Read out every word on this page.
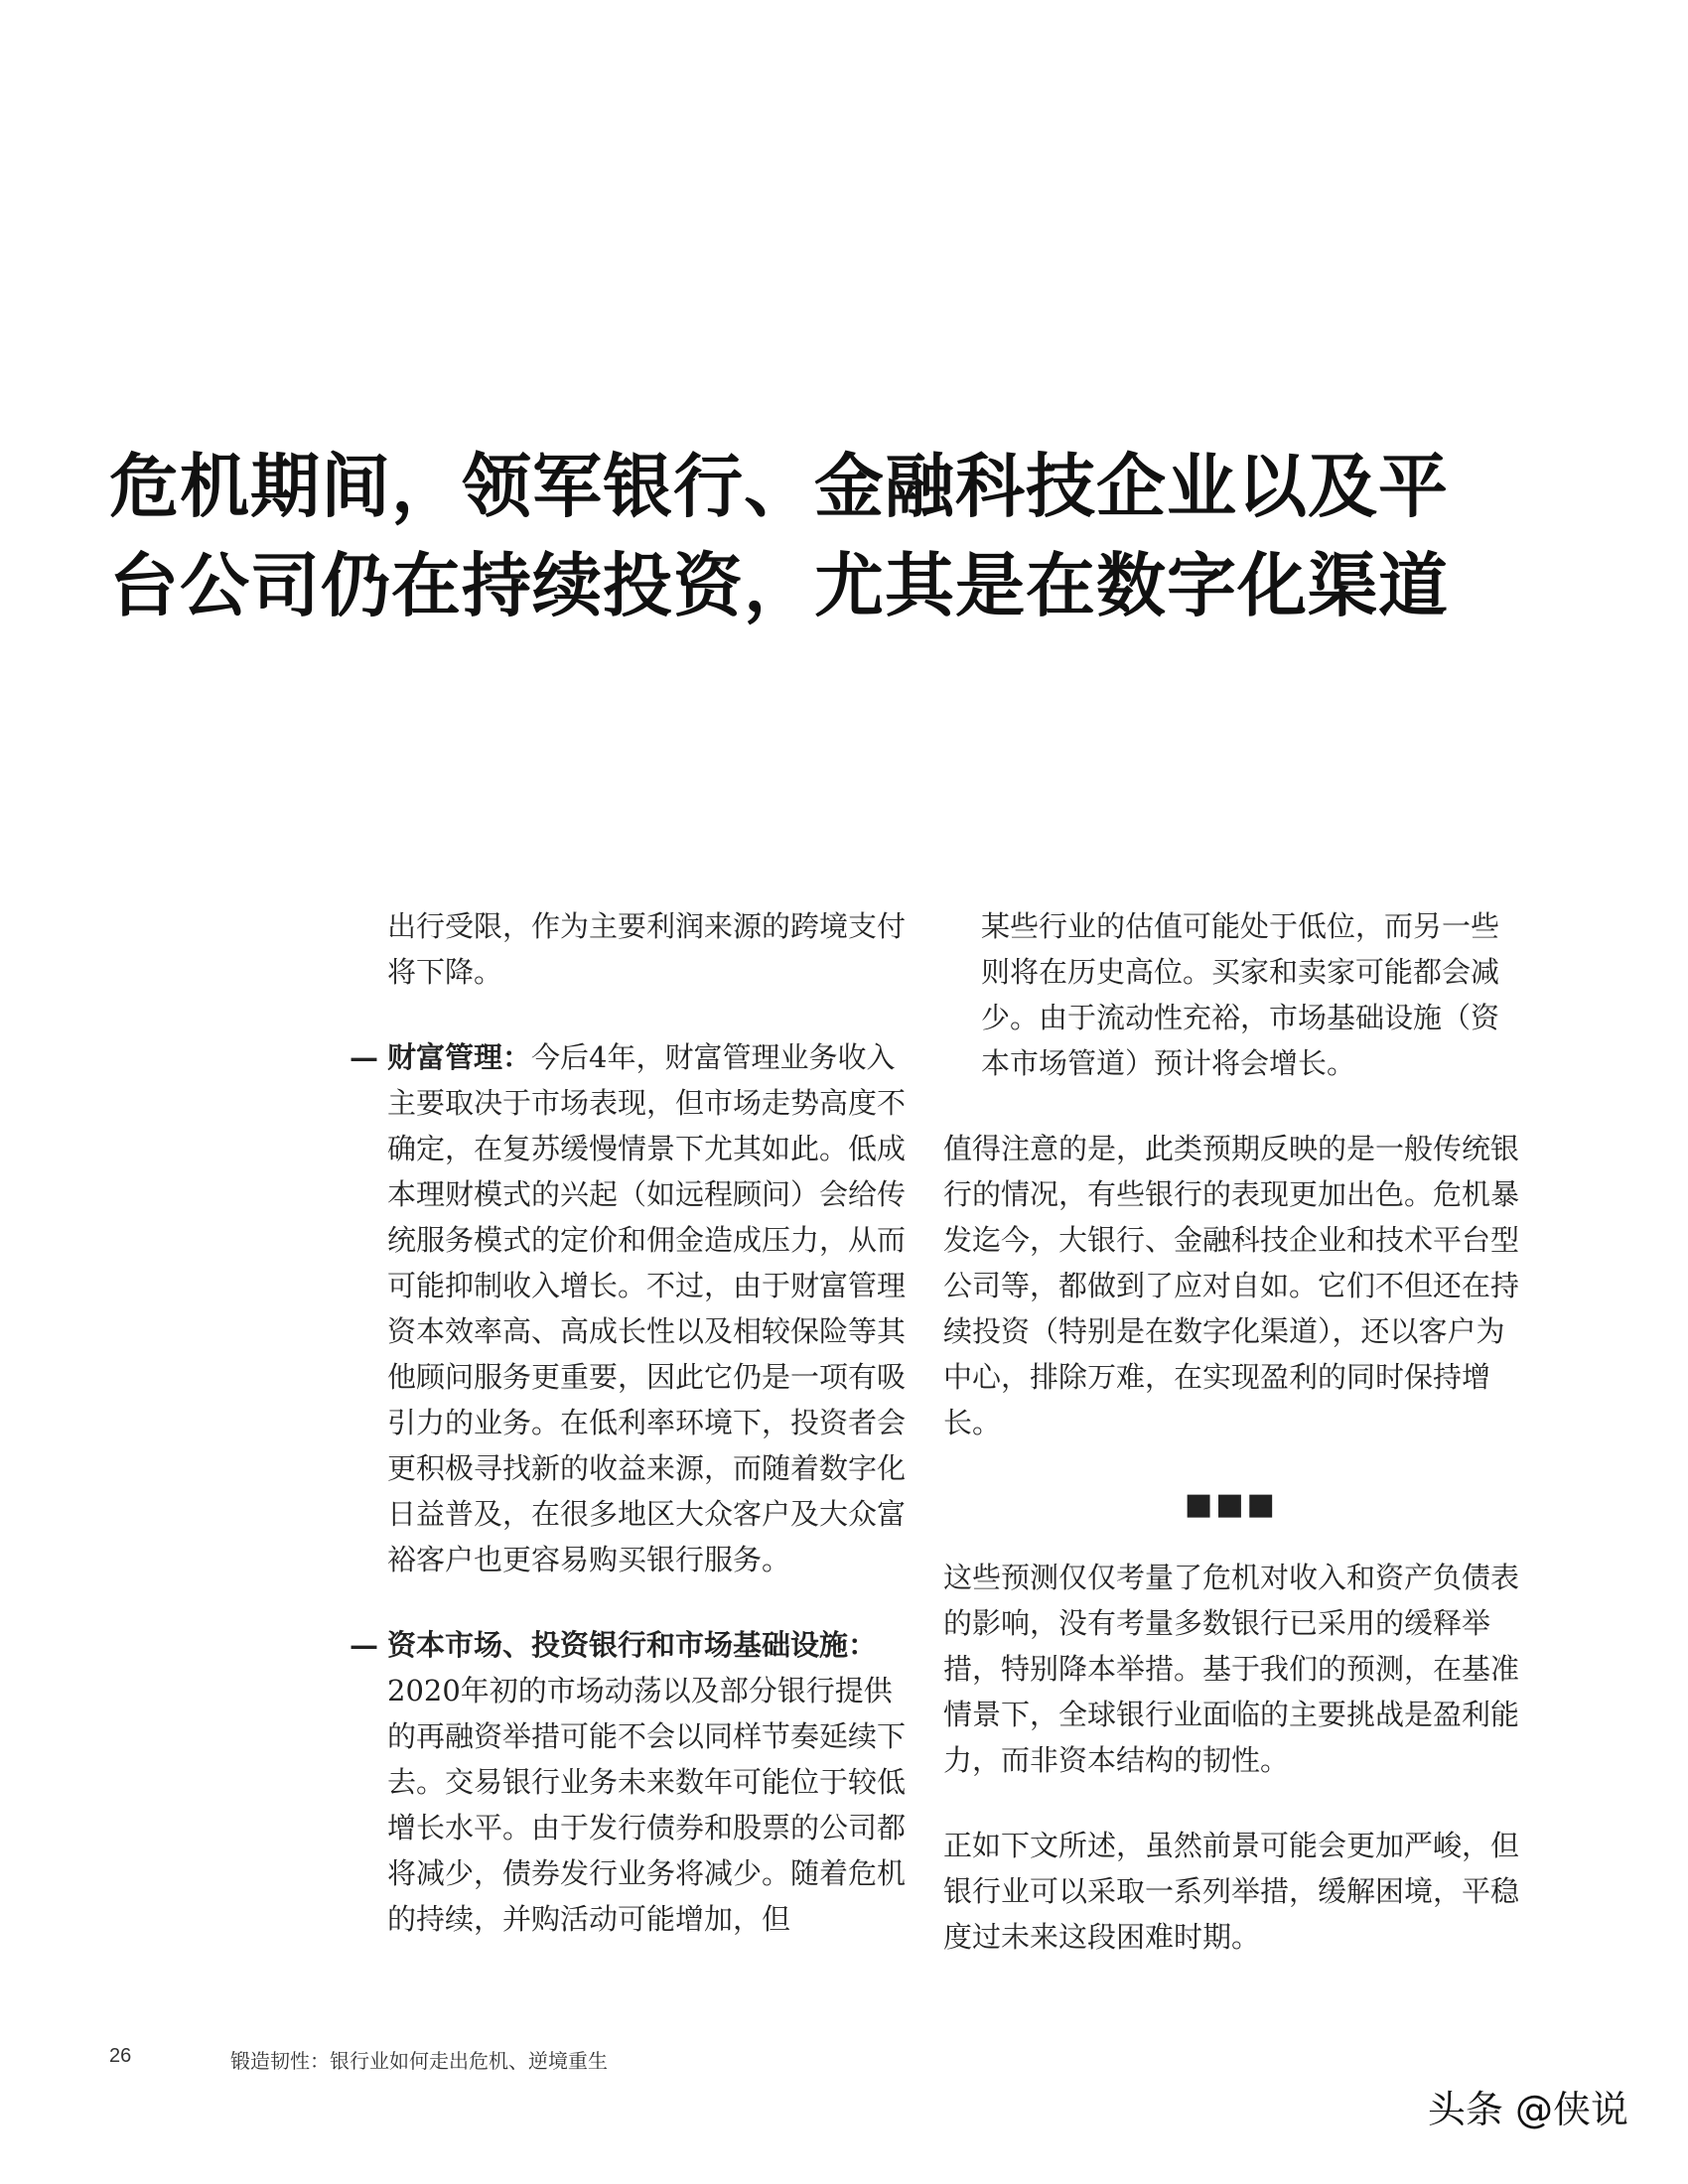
危机期间，领军银行、金融科技企业以及平
台公司仍在持续投资，尤其是在数字化渠道

出行受限，作为主要利润来源的跨境支付将下降。

— 财富管理：今后4年，财富管理业务收入主要取决于市场表现，但市场走势高度不确定，在复苏缓慢情景下尤其如此。低成本理财模式的兴起（如远程顾问）会给传统服务模式的定价和佣金造成压力，从而可能抑制收入增长。不过，由于财富管理资本效率高、高成长性以及相较保险等其他顾问服务更重要，因此它仍是一项有吸引力的业务。在低利率环境下，投资者会更积极寻找新的收益来源，而随着数字化日益普及，在很多地区大众客户及大众富裕客户也更容易购买银行服务。
— 资本市场、投资银行和市场基础设施：2020年初的市场动荡以及部分银行提供的再融资举措可能不会以同样节奏延续下去。交易银行业务未来数年可能位于较低增长水平。由于发行债券和股票的公司都将减少，债券发行业务将减少。随着危机的持续，并购活动可能增加，但

某些行业的估值可能处于低位，而另一些则将在历史高位。买家和卖家可能都会减少。由于流动性充裕，市场基础设施（资本市场管道）预计将会增长。

值得注意的是，此类预期反映的是一般传统银行的情况，有些银行的表现更加出色。危机暴发迄今，大银行、金融科技企业和技术平台型公司等，都做到了应对自如。它们不但还在持续投资（特别是在数字化渠道），还以客户为中心，排除万难，在实现盈利的同时保持增长。

■■■

这些预测仅仅考量了危机对收入和资产负债表的影响，没有考量多数银行已采用的缓释举措，特别降本举措。基于我们的预测，在基准情景下，全球银行业面临的主要挑战是盈利能力，而非资本结构的韧性。

正如下文所述，虽然前景可能会更加严峻，但银行业可以采取一系列举措，缓解困境，平稳度过未来这段困难时期。

26	锻造韧性：银行业如何走出危机、逆境重生
头条 @侠说
